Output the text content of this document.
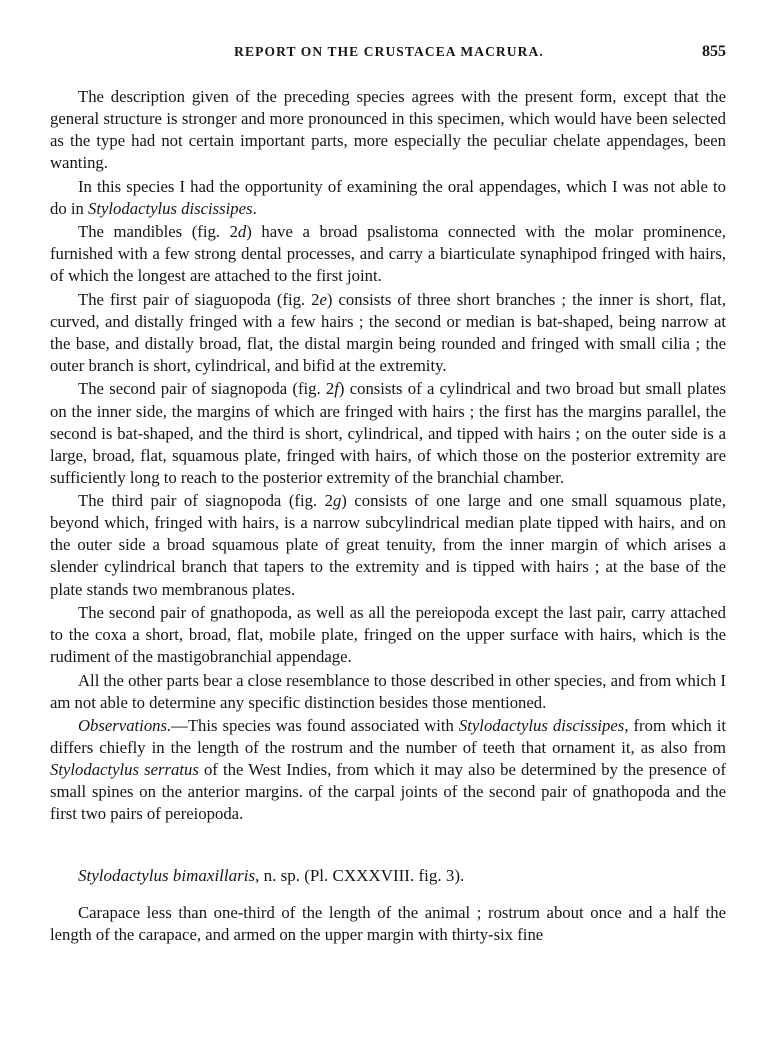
REPORT ON THE CRUSTACEA MACRURA.	855

The description given of the preceding species agrees with the present form, except that the general structure is stronger and more pronounced in this specimen, which would have been selected as the type had not certain important parts, more especially the peculiar chelate appendages, been wanting.

In this species I had the opportunity of examining the oral appendages, which I was not able to do in Stylodactylus discissipes.

The mandibles (fig. 2d) have a broad psalistoma connected with the molar prominence, furnished with a few strong dental processes, and carry a biarticulate synaphipod fringed with hairs, of which the longest are attached to the first joint.

The first pair of siaguopoda (fig. 2e) consists of three short branches ; the inner is short, flat, curved, and distally fringed with a few hairs ; the second or median is bat-shaped, being narrow at the base, and distally broad, flat, the distal margin being rounded and fringed with small cilia ; the outer branch is short, cylindrical, and bifid at the extremity.

The second pair of siagnopoda (fig. 2f) consists of a cylindrical and two broad but small plates on the inner side, the margins of which are fringed with hairs ; the first has the margins parallel, the second is bat-shaped, and the third is short, cylindrical, and tipped with hairs ; on the outer side is a large, broad, flat, squamous plate, fringed with hairs, of which those on the posterior extremity are sufficiently long to reach to the posterior extremity of the branchial chamber.

The third pair of siagnopoda (fig. 2g) consists of one large and one small squamous plate, beyond which, fringed with hairs, is a narrow subcylindrical median plate tipped with hairs, and on the outer side a broad squamous plate of great tenuity, from the inner margin of which arises a slender cylindrical branch that tapers to the extremity and is tipped with hairs ; at the base of the plate stands two membranous plates.

The second pair of gnathopoda, as well as all the pereiopoda except the last pair, carry attached to the coxa a short, broad, flat, mobile plate, fringed on the upper surface with hairs, which is the rudiment of the mastigobranchial appendage.

All the other parts bear a close resemblance to those described in other species, and from which I am not able to determine any specific distinction besides those mentioned.

Observations.—This species was found associated with Stylodactylus discissipes, from which it differs chiefly in the length of the rostrum and the number of teeth that ornament it, as also from Stylodactylus serratus of the West Indies, from which it may also be determined by the presence of small spines on the anterior margins. of the carpal joints of the second pair of gnathopoda and the first two pairs of pereiopoda.

Stylodactylus bimaxillaris, n. sp. (Pl. CXXXVIII. fig. 3).

Carapace less than one-third of the length of the animal ; rostrum about once and a half the length of the carapace, and armed on the upper margin with thirty-six fine
